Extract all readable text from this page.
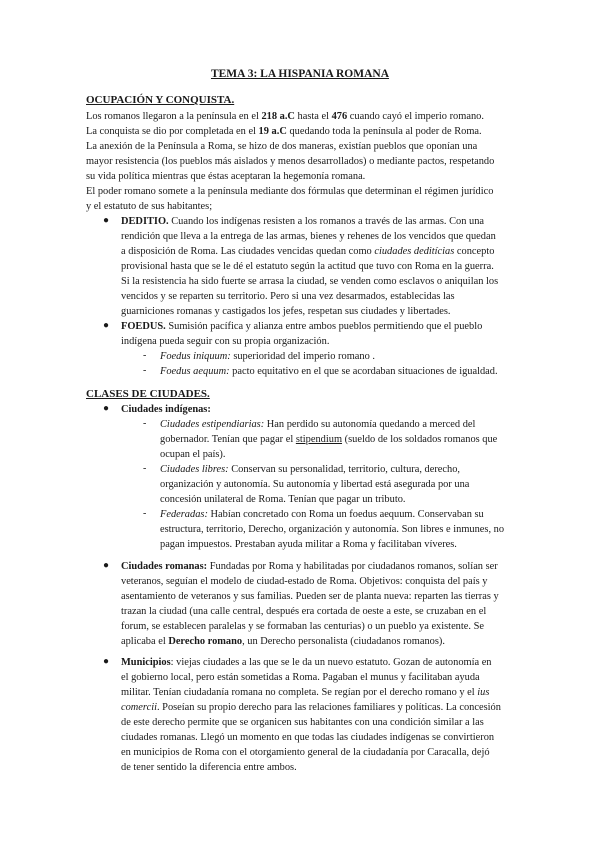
TEMA 3: LA HISPANIA ROMANA
OCUPACIÓN Y CONQUISTA.
Los romanos llegaron a la península en el 218 a.C hasta el 476 cuando cayó el imperio romano.
La conquista se dio por completada en el 19 a.C quedando toda la península al poder de Roma.
La anexión de la Península a Roma, se hizo de dos maneras, existían pueblos que oponían una
mayor resistencia (los pueblos más aislados y menos desarrollados) o mediante pactos, respetando
su vida política mientras que éstas aceptaran la hegemonía romana.
El poder romano somete a la península mediante dos fórmulas que determinan el régimen jurídico
y el estatuto de sus habitantes;
● DEDITIO. Cuando los indígenas resisten a los romanos a través de las armas. Con una
rendición que lleva a la entrega de las armas, bienes y rehenes de los vencidos que quedan
a disposición de Roma. Las ciudades vencidas quedan como ciudades deditícias concepto
provisional hasta que se le dé el estatuto según la actitud que tuvo con Roma en la guerra.
Si la resistencia ha sido fuerte se arrasa la ciudad, se venden como esclavos o aniquilan los
vencidos y se reparten su territorio. Pero si una vez desarmados, establecidas las
guarniciones romanas y castigados los jefes, respetan sus ciudades y libertades.
● FOEDUS. Sumisión pacífica y alianza entre ambos pueblos permitiendo que el pueblo
indígena pueda seguir con su propia organización.
- Foedus iniquum: superioridad del imperio romano .
- Foedus aequum: pacto equitativo en el que se acordaban situaciones de igualdad.
CLASES DE CIUDADES.
● Ciudades indígenas:
- Ciudades estipendiarias: Han perdido su autonomía quedando a merced del
gobernador. Tenían que pagar el stipendium (sueldo de los soldados romanos que
ocupan el país).
- Ciudades libres: Conservan su personalidad, territorio, cultura, derecho,
organización y autonomía. Su autonomía y libertad está asegurada por una
concesión unilateral de Roma. Tenían que pagar un tributo.
- Federadas: Habían concretado con Roma un foedus aequum. Conservaban su
estructura, territorio, Derecho, organización y autonomía. Son libres e inmunes, no
pagan impuestos. Prestaban ayuda militar a Roma y facilitaban víveres.
● Ciudades romanas: Fundadas por Roma y habilitadas por ciudadanos romanos, solían ser
veteranos, seguían el modelo de ciudad-estado de Roma. Objetivos: conquista del país y
asentamiento de veteranos y sus familias. Pueden ser de planta nueva: reparten las tierras y
trazan la ciudad (una calle central, después era cortada de oeste a este, se cruzaban en el
forum, se establecen paralelas y se formaban las centurias) o un pueblo ya existente. Se
aplicaba el Derecho romano, un Derecho personalista (ciudadanos romanos).
● Municipios: viejas ciudades a las que se le da un nuevo estatuto. Gozan de autonomía en
el gobierno local, pero están sometidas a Roma. Pagaban el munus y facilitaban ayuda
militar. Tenían ciudadanía romana no completa. Se regían por el derecho romano y el ius
comercii. Poseían su propio derecho para las relaciones familiares y políticas. La concesión
de este derecho permite que se organicen sus habitantes con una condición similar a las
ciudades romanas. Llegó un momento en que todas las ciudades indígenas se convirtieron
en municipios de Roma con el otorgamiento general de la ciudadanía por Caracalla, dejó
de tener sentido la diferencia entre ambos.
